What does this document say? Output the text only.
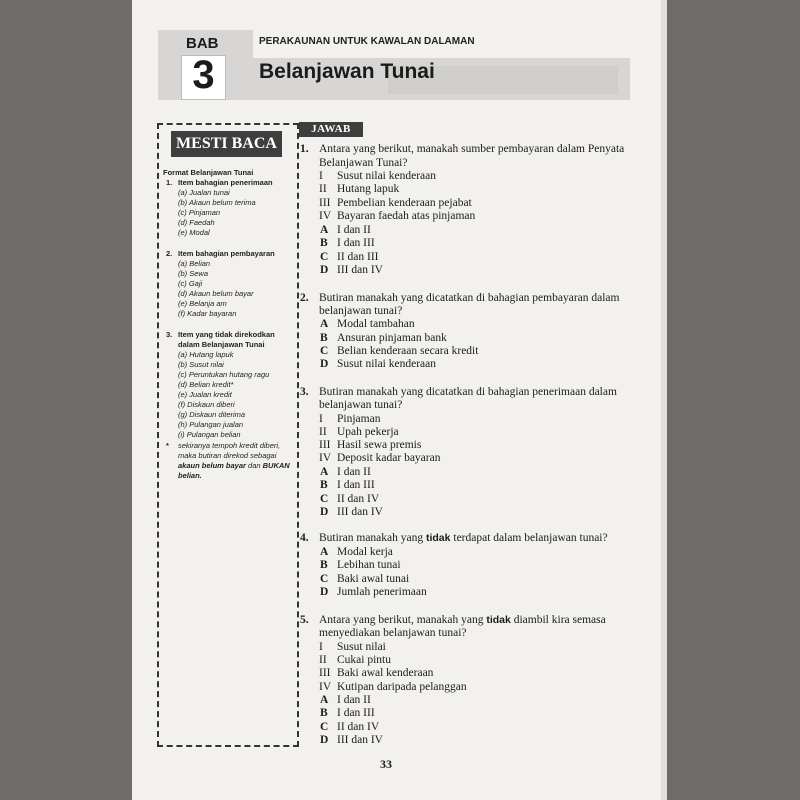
BAB
3
PERAKAUNAN UNTUK KAWALAN DALAMAN
Belanjawan Tunai
MESTI BACA
Format Belanjawan Tunai
1. Item bahagian penerimaan
(a) Jualan tunai
(b) Akaun belum terima
(c) Pinjaman
(d) Faedah
(e) Modal
2. Item bahagian pembayaran
(a) Belian
(b) Sewa
(c) Gaji
(d) Akaun belum bayar
(e) Belanja am
(f) Kadar bayaran
3. Item yang tidak direkodkan
dalam Belanjawan Tunai
(a) Hutang lapuk
(b) Susut nilai
(c) Peruntukan hutang ragu
(d) Belian kredit*
(e) Jualan kredit
(f) Diskaun diberi
(g) Diskaun diterima
(h) Pulangan jualan
(i) Pulangan belian
* sekiranya tempoh kredit diberi,
maka butiran direkod sebagai
akaun belum bayar dan BUKAN
belian.
JAWAB
1. Antara yang berikut, manakah sumber pembayaran dalam Penyata
Belanjawan Tunai?
I Susut nilai kenderaan
II Hutang lapuk
III Pembelian kenderaan pejabat
IV Bayaran faedah atas pinjaman
A I dan II
B I dan III
C II dan III
D III dan IV
2. Butiran manakah yang dicatatkan di bahagian pembayaran dalam
belanjawan tunai?
A Modal tambahan
B Ansuran pinjaman bank
C Belian kenderaan secara kredit
D Susut nilai kenderaan
3. Butiran manakah yang dicatatkan di bahagian penerimaan dalam
belanjawan tunai?
I Pinjaman
II Upah pekerja
III Hasil sewa premis
IV Deposit kadar bayaran
A I dan II
B I dan III
C II dan IV
D III dan IV
4. Butiran manakah yang tidak terdapat dalam belanjawan tunai?
A Modal kerja
B Lebihan tunai
C Baki awal tunai
D Jumlah penerimaan
5. Antara yang berikut, manakah yang tidak diambil kira semasa
menyediakan belanjawan tunai?
I Susut nilai
II Cukai pintu
III Baki awal kenderaan
IV Kutipan daripada pelanggan
A I dan II
B I dan III
C II dan IV
D III dan IV
33
